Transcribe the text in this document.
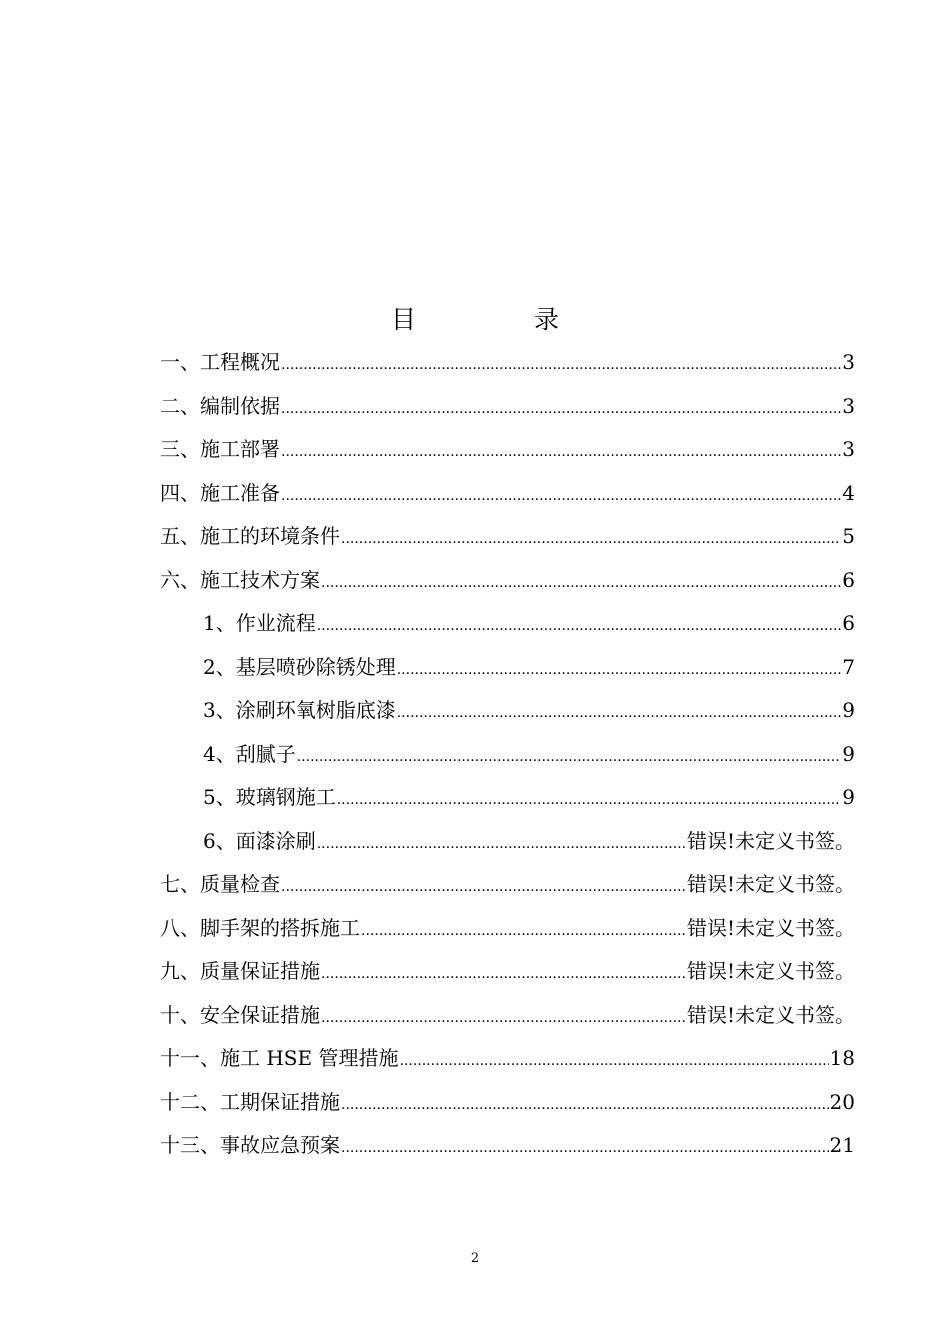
目	录
一、工程概况 .....	3
二、编制依据 .....	3
三、施工部署 .....	3
四、施工准备 .....	4
五、施工的环境条件 .....	5
六、施工技术方案 .....	6
1、作业流程 .....	6
2、基层喷砂除锈处理 .....	7
3、涂刷环氧树脂底漆 .....	9
4、刮腻子 .....	9
5、玻璃钢施工 .....	9
6、面漆涂刷 .....	错误!未定义书签。
七、质量检查 .....	错误!未定义书签。
八、脚手架的搭拆施工 .....	错误!未定义书签。
九、质量保证措施 .....	错误!未定义书签。
十、安全保证措施 .....	错误!未定义书签。
十一、施工 HSE 管理措施 .....	18
十二、工期保证措施 .....	20
十三、事故应急预案 .....	21
2
